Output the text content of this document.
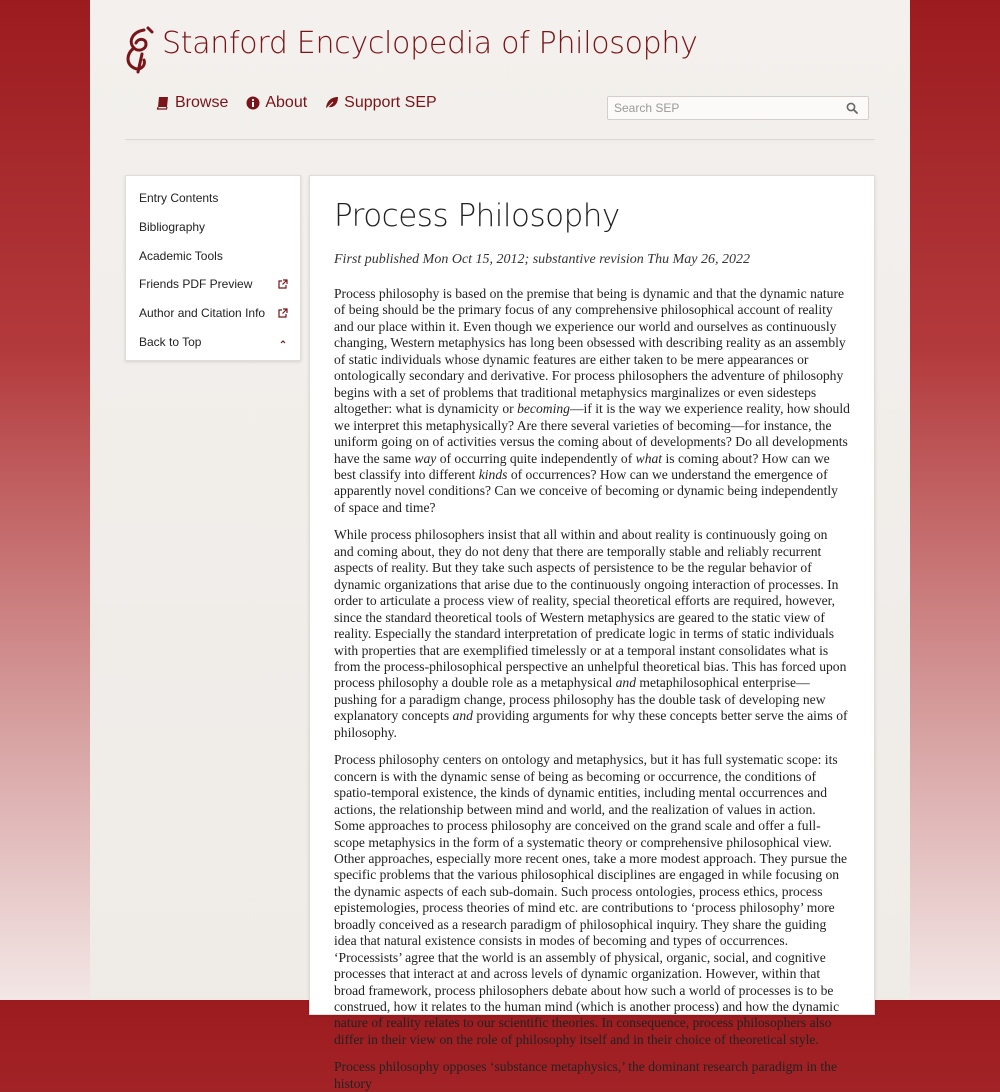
Stanford Encyclopedia of Philosophy
Browse About Support SEP
Search SEP
Entry Contents
Bibliography
Academic Tools
Friends PDF Preview
Author and Citation Info
Back to Top
Process Philosophy
First published Mon Oct 15, 2012; substantive revision Thu May 26, 2022

Process philosophy is based on the premise that being is dynamic and that the dynamic nature of being should be the primary focus of any comprehensive philosophical account of reality and our place within it. Even though we experience our world and ourselves as continuously changing, Western metaphysics has long been obsessed with describing reality as an assembly of static individuals whose dynamic features are either taken to be mere appearances or ontologically secondary and derivative. For process philosophers the adventure of philosophy begins with a set of problems that traditional metaphysics marginalizes or even sidesteps altogether: what is dynamicity or becoming—if it is the way we experience reality, how should we interpret this metaphysically? Are there several varieties of becoming—for instance, the uniform going on of activities versus the coming about of developments? Do all developments have the same way of occurring quite independently of what is coming about? How can we best classify into different kinds of occurrences? How can we understand the emergence of apparently novel conditions? Can we conceive of becoming or dynamic being independently of space and time?

While process philosophers insist that all within and about reality is continuously going on and coming about, they do not deny that there are temporally stable and reliably recurrent aspects of reality. But they take such aspects of persistence to be the regular behavior of dynamic organizations that arise due to the continuously ongoing interaction of processes. In order to articulate a process view of reality, special theoretical efforts are required, however, since the standard theoretical tools of Western metaphysics are geared to the static view of reality. Especially the standard interpretation of predicate logic in terms of static individuals with properties that are exemplified timelessly or at a temporal instant consolidates what is from the process-philosophical perspective an unhelpful theoretical bias. This has forced upon process philosophy a double role as a metaphysical and metaphilosophical enterprise—pushing for a paradigm change, process philosophy has the double task of developing new explanatory concepts and providing arguments for why these concepts better serve the aims of philosophy.

Process philosophy centers on ontology and metaphysics, but it has full systematic scope: its concern is with the dynamic sense of being as becoming or occurrence, the conditions of spatio-temporal existence, the kinds of dynamic entities, including mental occurrences and actions, the relationship between mind and world, and the realization of values in action. Some approaches to process philosophy are conceived on the grand scale and offer a full-scope metaphysics in the form of a systematic theory or comprehensive philosophical view. Other approaches, especially more recent ones, take a more modest approach. They pursue the specific problems that the various philosophical disciplines are engaged in while focusing on the dynamic aspects of each sub-domain. Such process ontologies, process ethics, process epistemologies, process theories of mind etc. are contributions to ‘process philosophy’ more broadly conceived as a research paradigm of philosophical inquiry. They share the guiding idea that natural existence consists in modes of becoming and types of occurrences. ‘Processists’ agree that the world is an assembly of physical, organic, social, and cognitive processes that interact at and across levels of dynamic organization. However, within that broad framework, process philosophers debate about how such a world of processes is to be construed, how it relates to the human mind (which is another process) and how the dynamic nature of reality relates to our scientific theories. In consequence, process philosophers also differ in their view on the role of philosophy itself and in their choice of theoretical style.

Process philosophy opposes ‘substance metaphysics,’ the dominant research paradigm in the history
